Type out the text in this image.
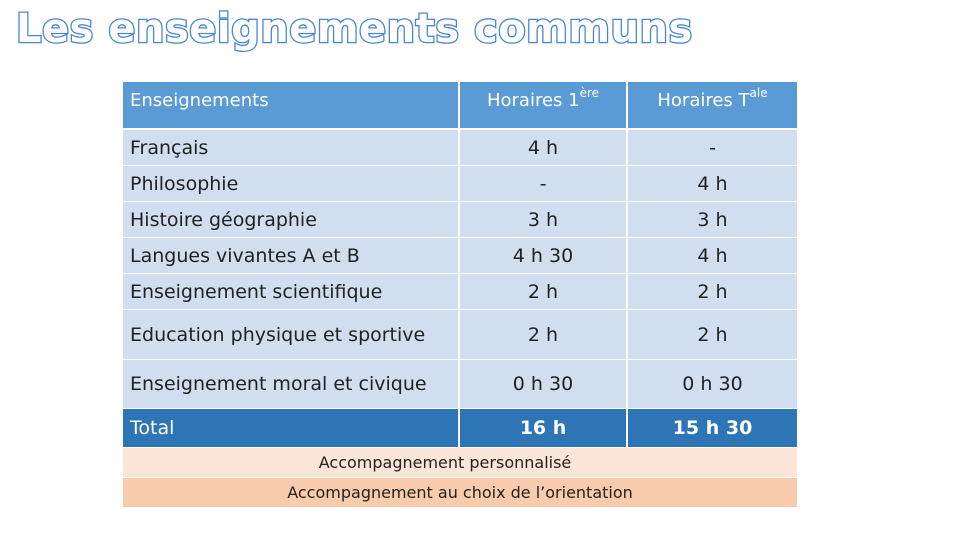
Les enseignements communs
Enseignements	Horaires 1ère	Horaires $T^{ale}$
Français	4 h	-
Philosophie	-	4 h
Histoire géographie	3 h	3 h
Langues vivantes A et B	4 h 30	4 h
Enseignement scientifique	2 h	2 h
Education physique et sportive	2 h	2 h
Enseignement moral et civique	0 h 30	0 h 30
Total	16 h	15 h 30
Accompagnement personnalisé
Accompagnement au choix de l’orientation
